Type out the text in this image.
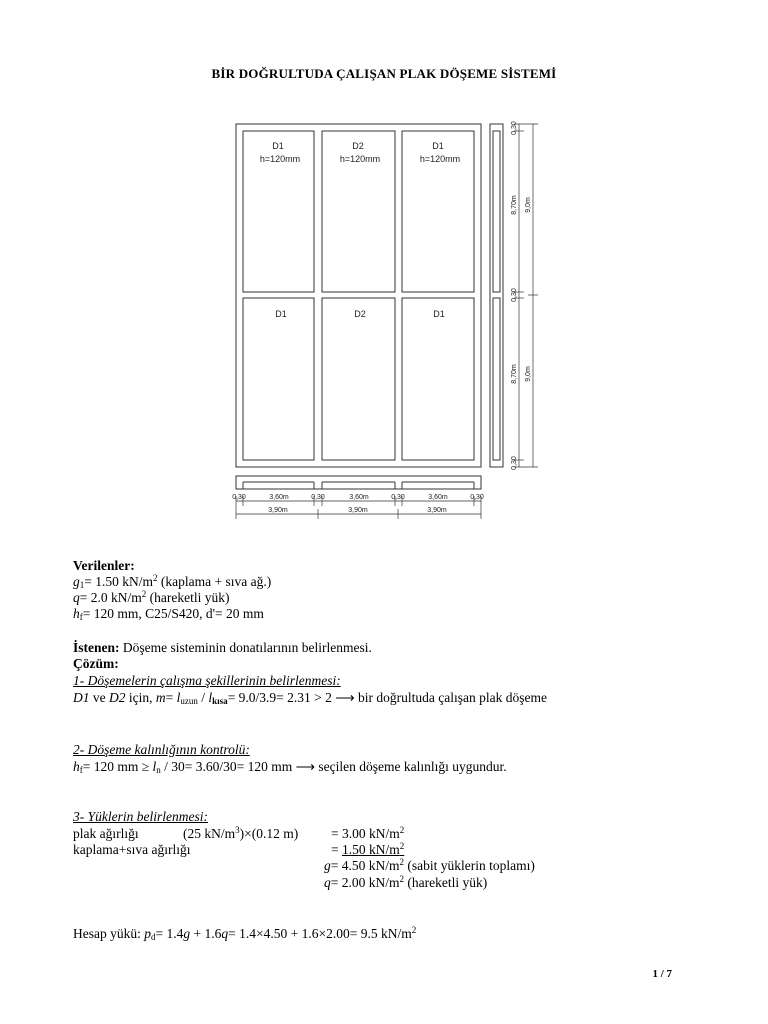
BİR DOĞRULTUDA ÇALIŞAN PLAK DÖŞEME SİSTEMİ
D1
h=120mm
D2
h=120mm
D1
h=120mm
D1	D2	D1
0,30
8,70m 9,0m
0,30
8,70m 9,0m
0,30
0,30	3,60m	0,30	3,60m	0,30	3,60m	0,30
3,90m	3,90m	3,90m
Verilenler:
$g_1= 1.50$ $kN/m^2$ (kaplama + sıva ağ.)
q= 2.0 $kN/m^2$ (hareketli yük)
$h_f= 120$ mm, C25/S420, d'= 20 mm
İstenen: Döşeme sisteminin donatılarının belirlenmesi.
Çözüm:
1- Döşemelerin çalışma şekillerinin belirlenmesi:
D1 ve D2 için, $m= l_{uzun} / l_{kısa}= 9.0/3.9= 2.31 > 2$ ⟶ bir doğrultuda çalışan plak döşeme
2- Döşeme kalınlığının kontrolü:
$h_f= 120$ mm ≥ $l_n / 30= 3.60/30= 120$ mm ⟶ seçilen döşeme kalınlığı uygundur.
3- Yüklerin belirlenmesi:
plak ağırlığı	(25 $kN/m^3)\times(0.12$ m) = 3.00 $kN/m^2$
kaplama+sıva ağırlığı	= 1.50 $kN/m^2$
g= 4.50 $kN/m^2$ (sabit yüklerin toplamı)
q= 2.00 $kN/m^2$ (hareketli yük)
Hesap yükü: $p_d= 1.4g + 1.6q= 1.4\times 4.50 + 1.6\times 2.00= 9.5$ $kN/m^2$
1 / 7
